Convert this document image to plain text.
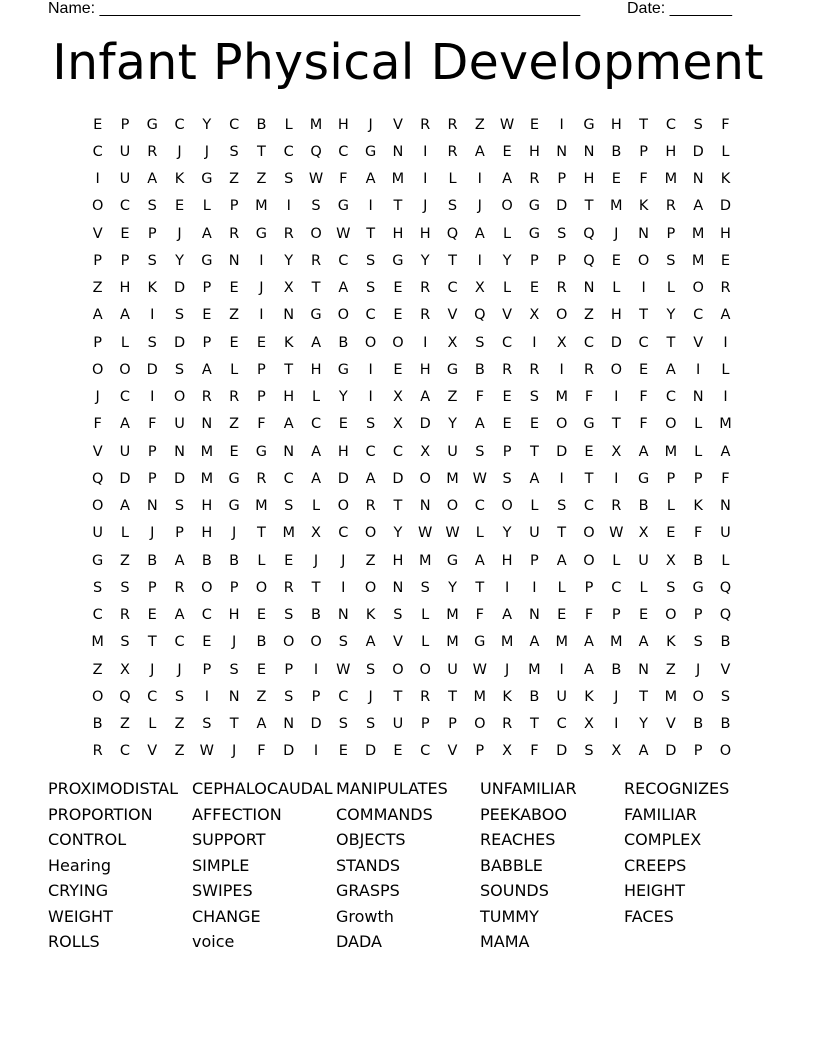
Name: ______________________________________________________

	Date: _______

Infant Physical Development
E	P	G	C	Y	C	B	L	M	H	J	V	R	R	Z	W	E	I	G	H	T	C	S	F
C	U	R	J	J	S	T	C	Q	C	G	N	I	R	A	E	H	N	N	B	P	H	D	L
I	U	A	K	G	Z	Z	S	W	F	A	M	I	L	I	A	R	P	H	E	F	M	N	K
O	C	S	E	L	P	M	I	S	G	I	T	J	S	J	O	G	D	T	M	K	R	A	D
V	E	P	J	A	R	G	R	O W	T	H	H	Q	A	L	G	S	Q	J	N	P	M	H
P	P	S	Y	G	N	I	Y	R	C	S	G	Y	T	I	Y	P	P	Q	E	O	S	M	E
Z	H	K	D	P	E	J	X	T	A	S	E	R	C	X	L	E	R	N	L	I	L	O	R
A	A	I	S	E	Z	I	N	G	O	C	E	R	V	Q	V	X	O	Z	H	T	Y	C	A
P	L	S	D	P	E	E	K	A	B	O	O	I	X	S	C	I	X	C	D	C	T	V	I
O	O	D	S	A	L	P	T	H	G	I	E	H	G	B	R	R	I	R	O	E	A	I	L
J	C	I	O	R	R	P	H	L	Y	I	X	A	Z	F	E	S	M	F	I	F	C	N	I
F	A	F	U	N	Z	F	A	C	E	S	X	D	Y	A	E	E	O	G	T	F	O	L	M
V	U	P	N	M	E	G	N	A	H	C	C	X	U	S	P	T	D	E	X	A	M	L	A
Q	D	P	D	M	G	R	C	A	D	A	D	O	M W	S	A	I	T	I	G	P	P	F
O	A	N	S	H	G	M	S	L	O	R	T	N	O	C	O	L	S	C	R	B	L	K	N
U	L	J	P	H	J	T	M	X	C	O	Y	W W	L	Y	U	T	O W	X	E	F	U
G	Z	B	A	B	B	L	E	J	J	Z	H	M	G	A	H	P	A	O	L	U	X	B	L
S	S	P	R	O	P	O	R	T	I	O	N	S	Y	T	I	I	L	P	C	L	S	G	Q
C	R	E	A	C	H	E	S	B	N	K	S	L	M	F	A	N	E	F	P	E	O	P	Q
M	S	T	C	E	J	B	O	O	S	A	V	L	M	G	M	A	M	A	M	A	K	S	B
Z	X	J	J	P	S	E	P	I	W	S	O	O	U	W	J	M	I	A	B	N	Z	J	V
O	Q	C	S	I	N	Z	S	P	C	J	T	R	T	M	K	B	U	K	J	T	M	O	S
B	Z	L	Z	S	T	A	N	D	S	S	U	P	P	O	R	T	C	X	I	Y	V	B	B
R	C	V	Z	W	J	F	D	I	E	D	E	C	V	P	X	F	D	S	X	A	D	P	O
PROXIMODISTAL CEPHALOCAUDAL MANIPULATES	UNFAMILIAR	RECOGNIZES
PROPORTION	AFFECTION	COMMANDS	PEEKABOO	FAMILIAR
CONTROL	SUPPORT	OBJECTS	REACHES	COMPLEX
Hearing	SIMPLE	STANDS	BABBLE	CREEPS
CRYING	SWIPES	GRASPS	SOUNDS	HEIGHT
WEIGHT	CHANGE	Growth	TUMMY	FACES
ROLLS	voice	DADA	MAMA
